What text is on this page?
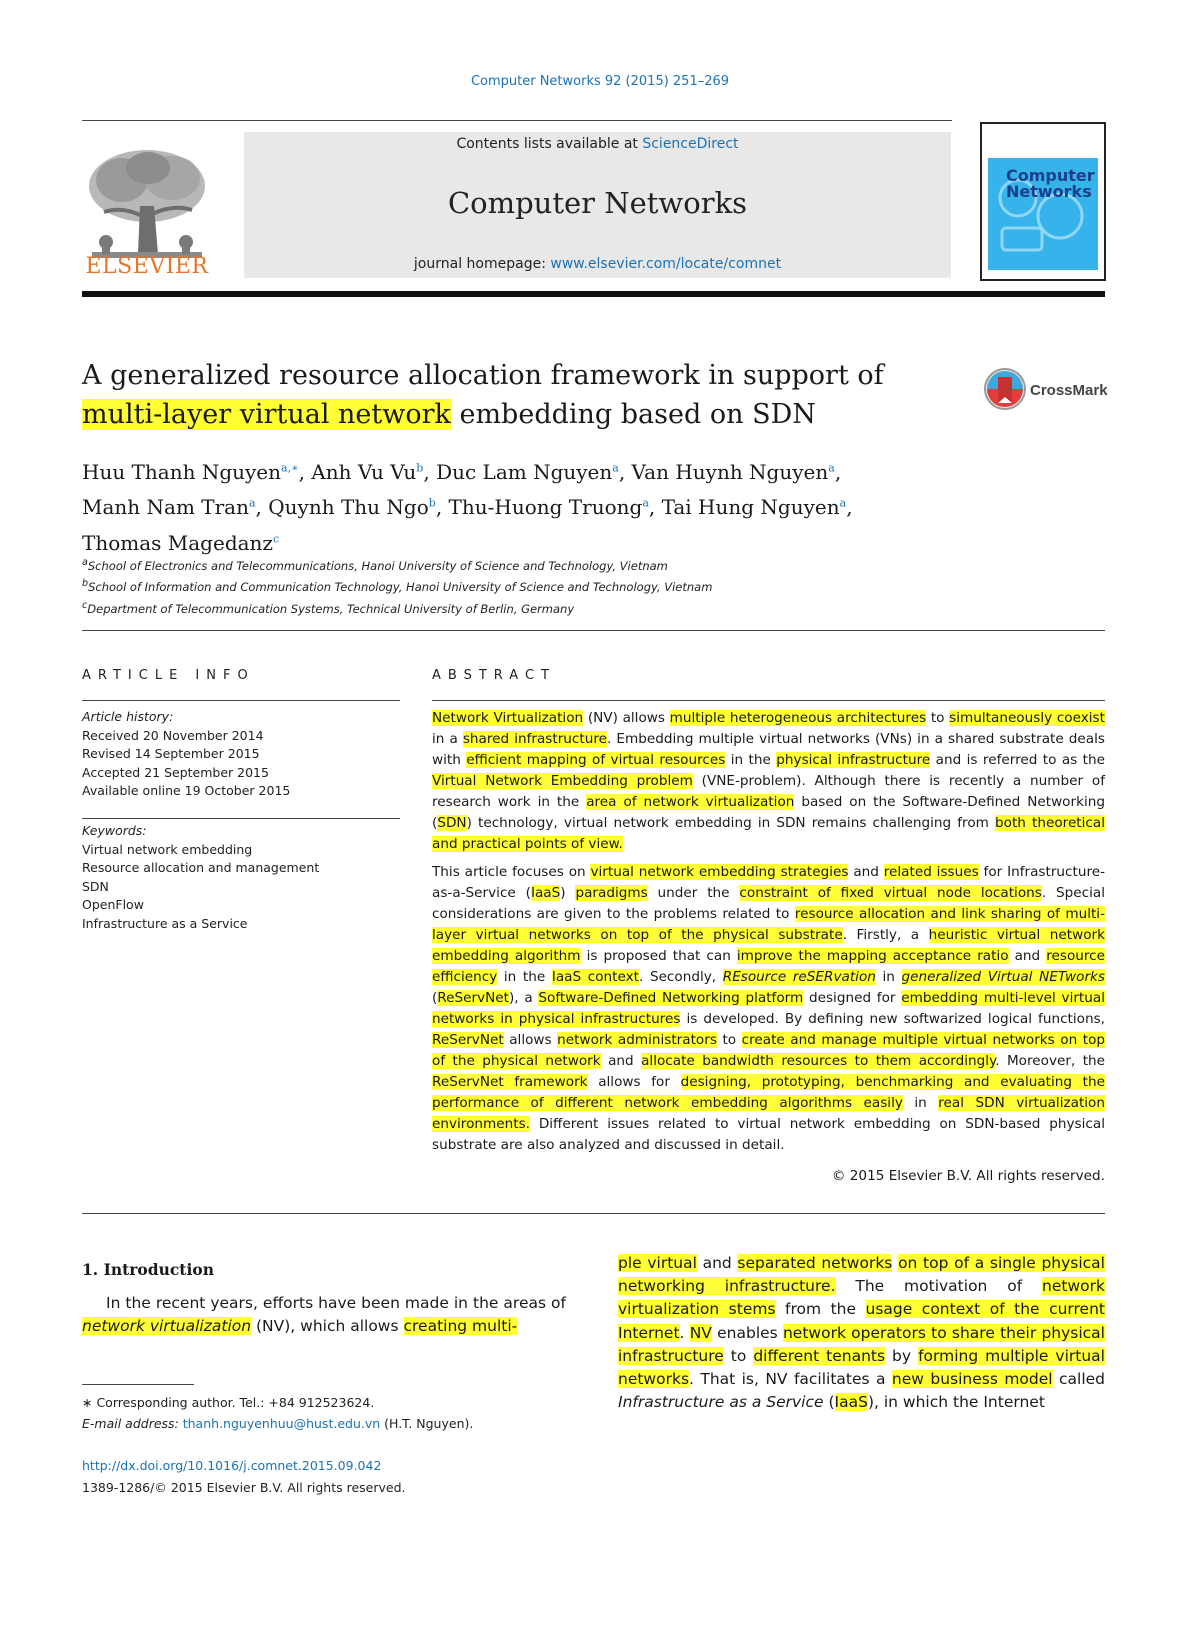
Computer Networks 92 (2015) 251–269
ELSEVIER
Contents lists available at ScienceDirect
Computer Networks
journal homepage: www.elsevier.com/locate/comnet
Computer
Networks
A generalized resource allocation framework in support of
multi-layer virtual network embedding based on SDN
CrossMark
Huu Thanh Nguyen$^{a,∗}$, Anh Vu Vu$^b$, Duc Lam Nguyen$^a$, Van Huynh Nguyen$^a$,
Manh Nam Tran$^a$, Quynh Thu Ngo$^b$, Thu-Huong Truong$^a$, Tai Hung Nguyen$^a$,
Thomas Magedanz$^c$
$^a$School of Electronics and Telecommunications, Hanoi University of Science and Technology, Vietnam
$^b$School of Information and Communication Technology, Hanoi University of Science and Technology, Vietnam
$^c$Department of Telecommunication Systems, Technical University of Berlin, Germany
ARTICLE INFO
Article history:
Received 20 November 2014
Revised 14 September 2015
Accepted 21 September 2015
Available online 19 October 2015
Keywords:
Virtual network embedding
Resource allocation and management
SDN
OpenFlow
Infrastructure as a Service
ABSTRACT
Network Virtualization (NV) allows multiple heterogeneous architectures to simultaneously coexist in a shared infrastructure. Embedding multiple virtual networks (VNs) in a shared substrate deals with efficient mapping of virtual resources in the physical infrastructure and is referred to as the Virtual Network Embedding problem (VNE-problem). Although there is recently a number of research work in the area of network virtualization based on the Software-Defined Networking (SDN) technology, virtual network embedding in SDN remains challenging from both theoretical and practical points of view.
This article focuses on virtual network embedding strategies and related issues for Infrastructure-as-a-Service (IaaS) paradigms under the constraint of fixed virtual node locations. Special considerations are given to the problems related to resource allocation and link sharing of multi-layer virtual networks on top of the physical substrate. Firstly, a heuristic virtual network embedding algorithm is proposed that can improve the mapping acceptance ratio and resource efficiency in the IaaS context. Secondly, REsource reSERvation in generalized Virtual NETworks (ReServNet), a Software-Defined Networking platform designed for embedding multi-level virtual networks in physical infrastructures is developed. By defining new softwarized logical functions, ReServNet allows network administrators to create and manage multiple virtual networks on top of the physical network and allocate bandwidth resources to them accordingly. Moreover, the ReServNet framework allows for designing, prototyping, benchmarking and evaluating the performance of different network embedding algorithms easily in real SDN virtualization environments. Different issues related to virtual network embedding on SDN-based physical substrate are also analyzed and discussed in detail.
© 2015 Elsevier B.V. All rights reserved.
1. Introduction
In the recent years, efforts have been made in the areas of network virtualization (NV), which allows creating multi-
ple virtual and separated networks on top of a single physical networking infrastructure. The motivation of network virtualization stems from the usage context of the current Internet. NV enables network operators to share their physical infrastructure to different tenants by forming multiple virtual networks. That is, NV facilitates a new business model called Infrastructure as a Service (IaaS), in which the Internet
∗ Corresponding author. Tel.: +84 912523624.
E-mail address: thanh.nguyenhuu@hust.edu.vn (H.T. Nguyen).
http://dx.doi.org/10.1016/j.comnet.2015.09.042
1389-1286/© 2015 Elsevier B.V. All rights reserved.
